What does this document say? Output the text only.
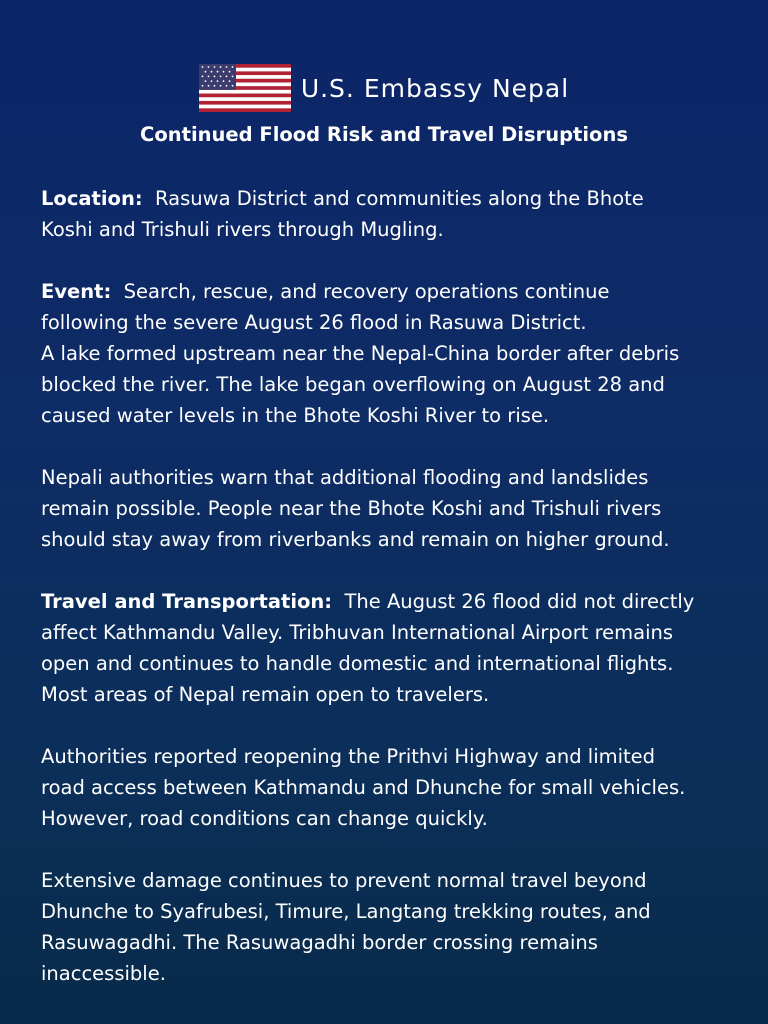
U.S. Embassy Nepal
Continued Flood Risk and Travel Disruptions
Location: Rasuwa District and communities along the Bhote
Koshi and Trishuli rivers through Mugling.
Event: Search, rescue, and recovery operations continue
following the severe August 26 flood in Rasuwa District.
A lake formed upstream near the Nepal-China border after debris
blocked the river. The lake began overflowing on August 28 and
caused water levels in the Bhote Koshi River to rise.
Nepali authorities warn that additional flooding and landslides
remain possible. People near the Bhote Koshi and Trishuli rivers
should stay away from riverbanks and remain on higher ground.
Travel and Transportation: The August 26 flood did not directly
affect Kathmandu Valley. Tribhuvan International Airport remains
open and continues to handle domestic and international flights.
Most areas of Nepal remain open to travelers.
Authorities reported reopening the Prithvi Highway and limited
road access between Kathmandu and Dhunche for small vehicles.
However, road conditions can change quickly.
Extensive damage continues to prevent normal travel beyond
Dhunche to Syafrubesi, Timure, Langtang trekking routes, and
Rasuwagadhi. The Rasuwagadhi border crossing remains
inaccessible.
